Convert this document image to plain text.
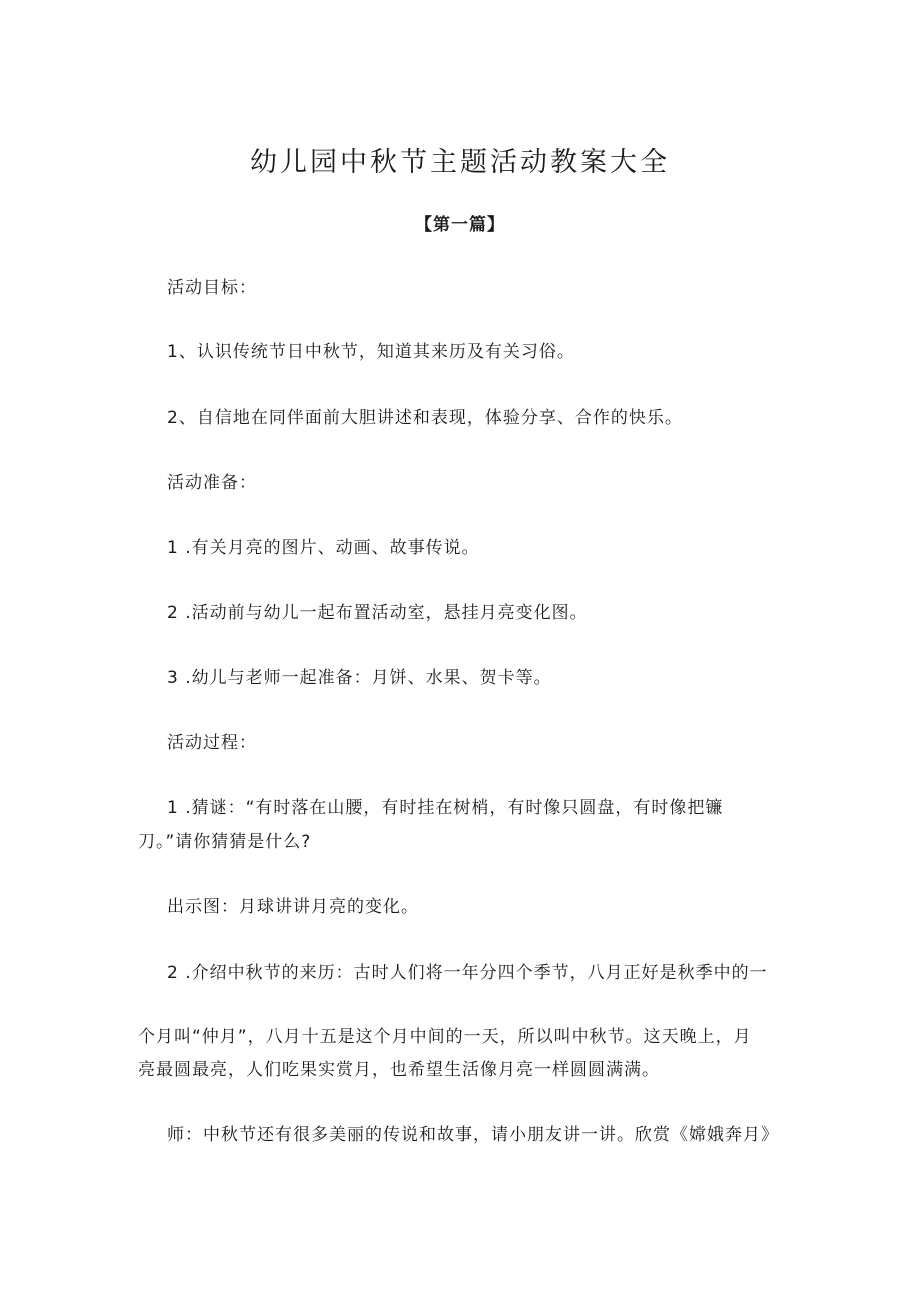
幼儿园中秋节主题活动教案大全
【第一篇】
活动目标：
1、认识传统节日中秋节，知道其来历及有关习俗。
2、自信地在同伴面前大胆讲述和表现，体验分享、合作的快乐。
活动准备：
1 .有关月亮的图片、动画、故事传说。
2 .活动前与幼儿一起布置活动室，悬挂月亮变化图。
3 .幼儿与老师一起准备：月饼、水果、贺卡等。
活动过程：
1 .猜谜：“有时落在山腰，有时挂在树梢，有时像只圆盘，有时像把镰
刀。”请你猜猜是什么?
出示图：月球讲讲月亮的变化。
2 .介绍中秋节的来历：古时人们将一年分四个季节，八月正好是秋季中的一
个月叫“仲月”，八月十五是这个月中间的一天，所以叫中秋节。这天晚上，月
亮最圆最亮，人们吃果实赏月，也希望生活像月亮一样圆圆满满。
师：中秋节还有很多美丽的传说和故事，请小朋友讲一讲。欣赏《嫦娥奔月》
